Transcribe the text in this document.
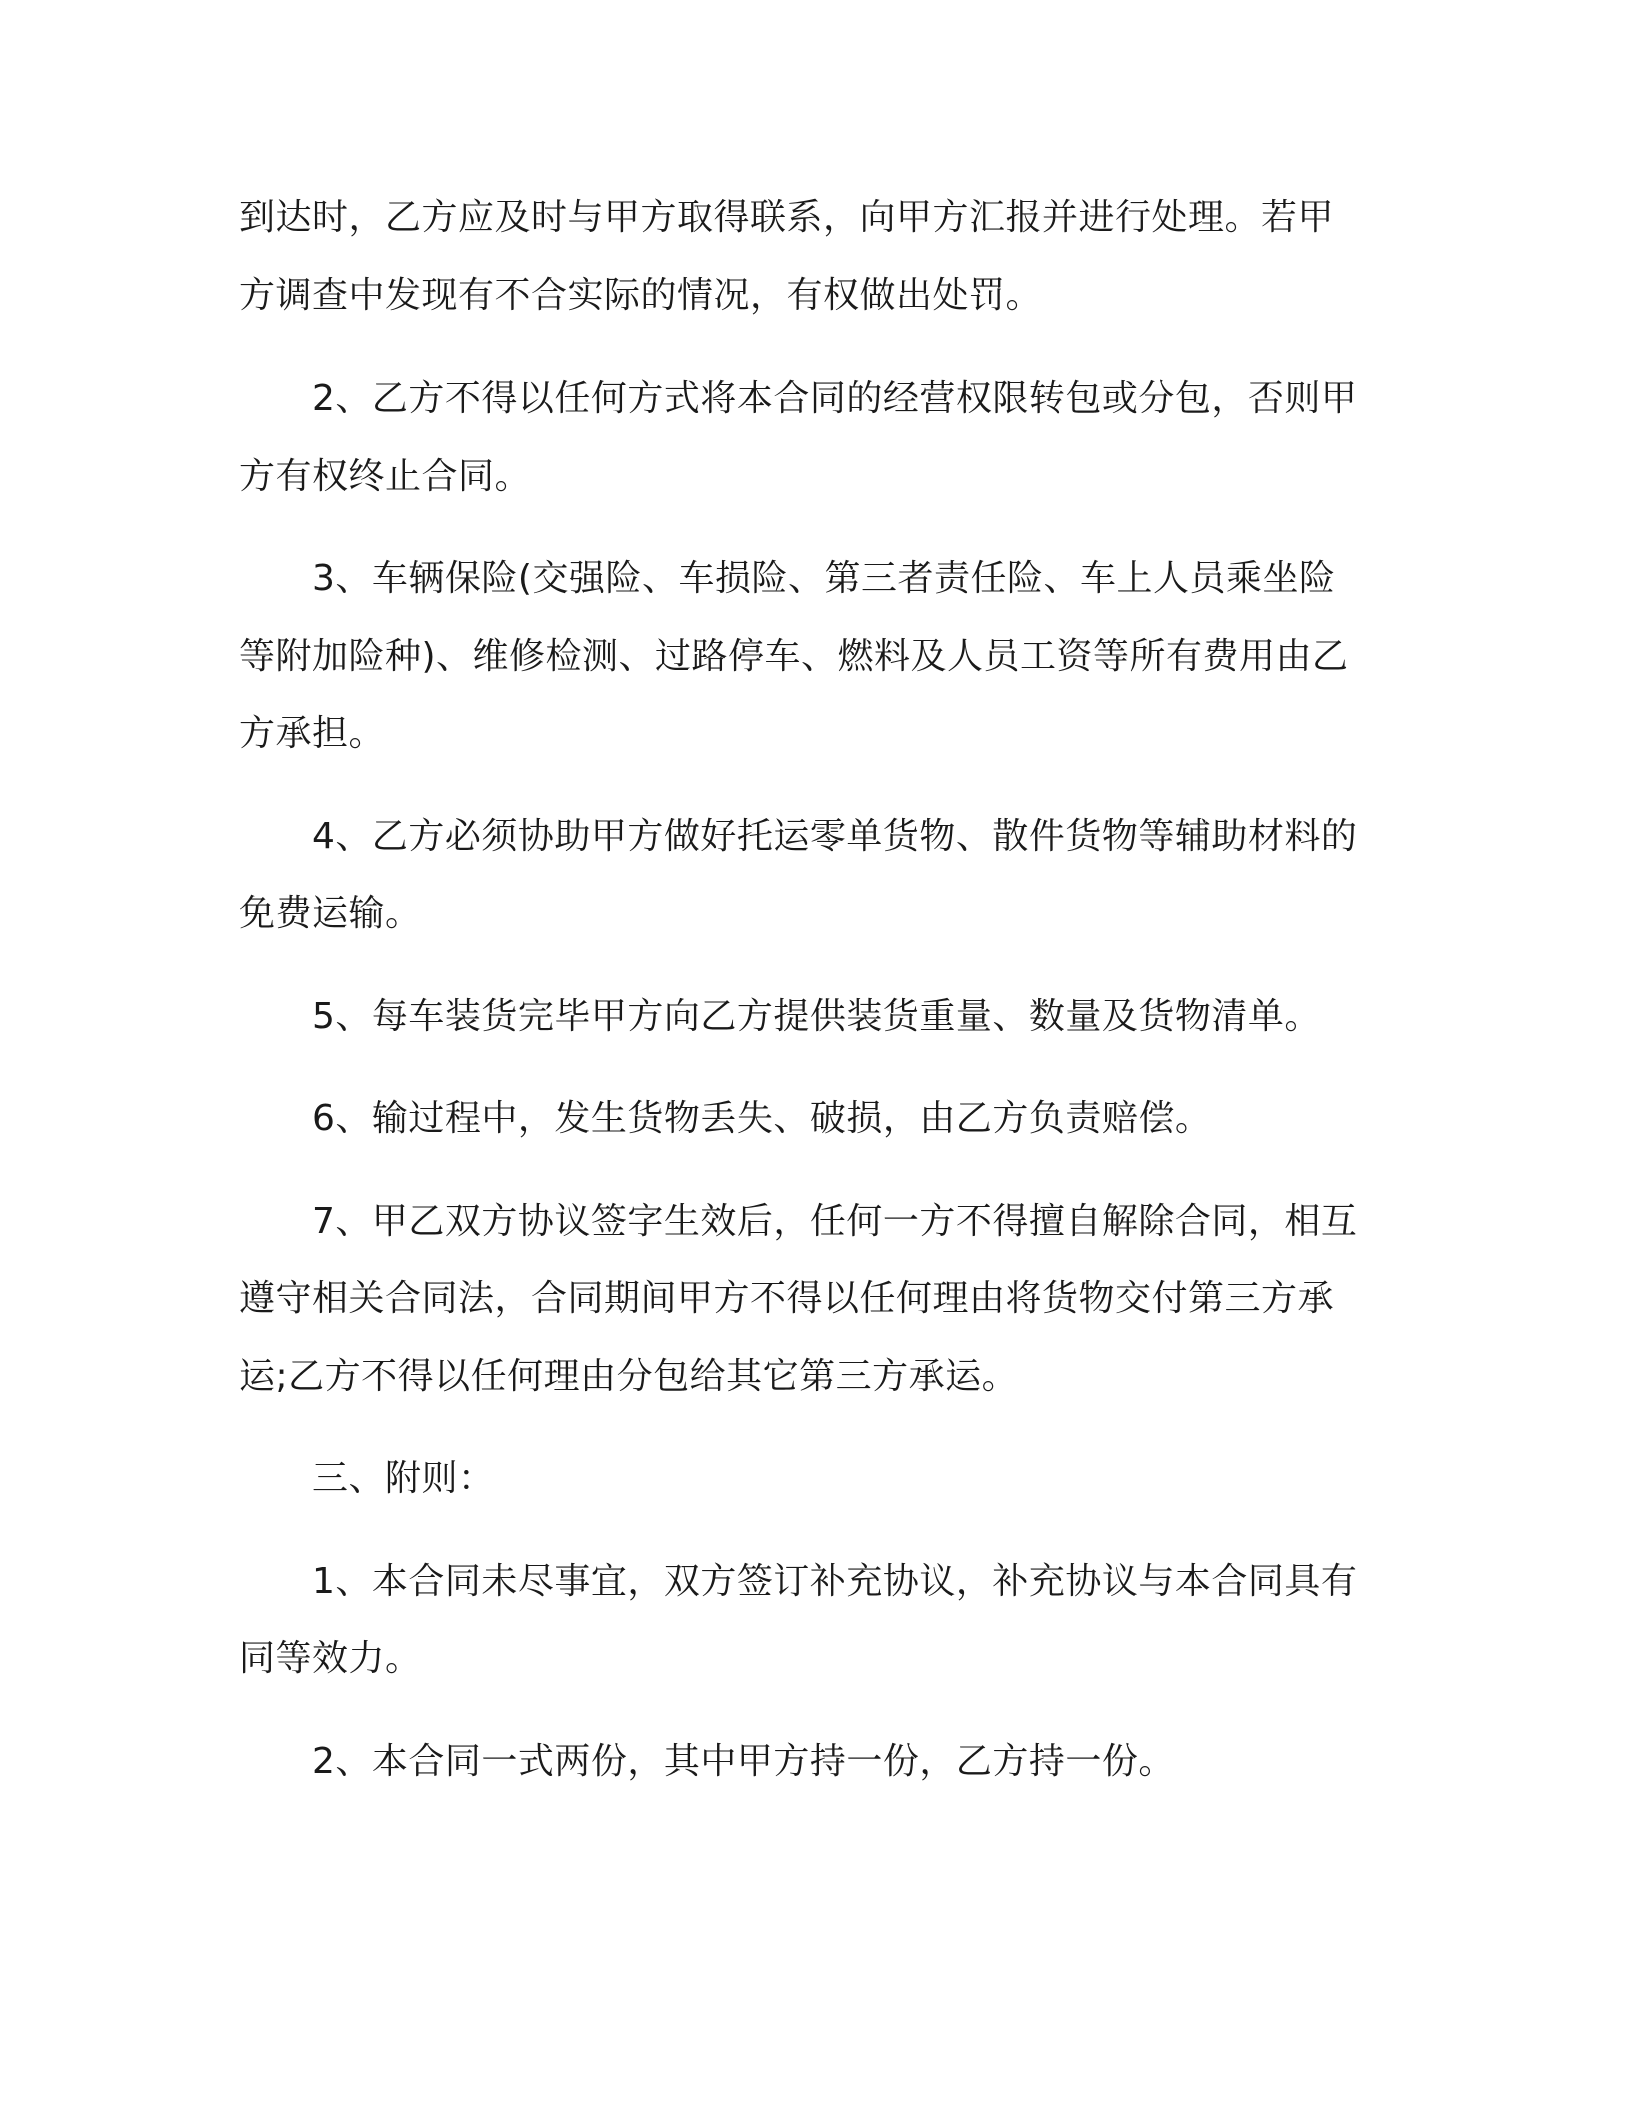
到达时，乙方应及时与甲方取得联系，向甲方汇报并进行处理。若甲
方调查中发现有不合实际的情况，有权做出处罚。
2、乙方不得以任何方式将本合同的经营权限转包或分包，否则甲
方有权终止合同。
3、车辆保险(交强险、车损险、第三者责任险、车上人员乘坐险
等附加险种)、维修检测、过路停车、燃料及人员工资等所有费用由乙
方承担。
4、乙方必须协助甲方做好托运零单货物、散件货物等辅助材料的
免费运输。
5、每车装货完毕甲方向乙方提供装货重量、数量及货物清单。
6、输过程中，发生货物丢失、破损，由乙方负责赔偿。
7、甲乙双方协议签字生效后，任何一方不得擅自解除合同，相互
遵守相关合同法，合同期间甲方不得以任何理由将货物交付第三方承
运;乙方不得以任何理由分包给其它第三方承运。
三、附则：
1、本合同未尽事宜，双方签订补充协议，补充协议与本合同具有
同等效力。
2、本合同一式两份，其中甲方持一份，乙方持一份。
